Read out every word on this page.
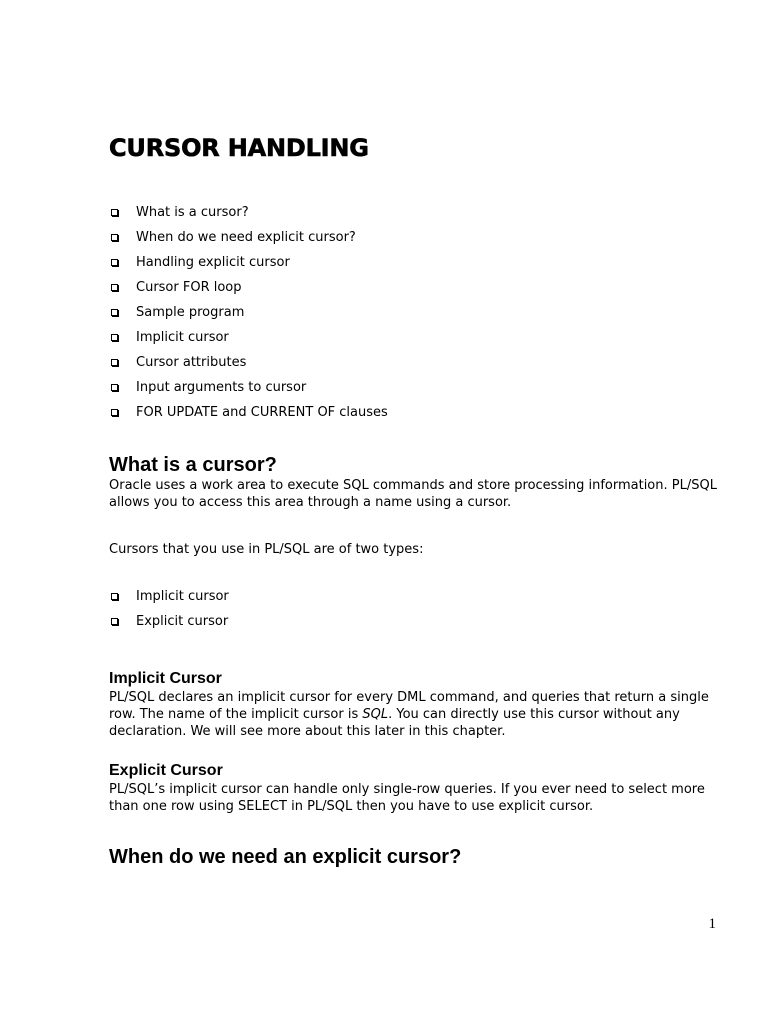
CURSOR HANDLING
What is a cursor?
When do we need explicit cursor?
Handling explicit cursor
Cursor FOR loop
Sample program
Implicit cursor
Cursor attributes
Input arguments to cursor
FOR UPDATE and CURRENT OF clauses
What is a cursor?

Oracle uses a work area to execute SQL commands and store processing information. PL/SQL allows you to access this area through a name using a cursor.

Cursors that you use in PL/SQL are of two types:

Implicit cursor
Explicit cursor
Implicit Cursor

PL/SQL declares an implicit cursor for every DML command, and queries that return a single row. The name of the implicit cursor is SQL. You can directly use this cursor without any declaration. We will see more about this later in this chapter.

Explicit Cursor

PL/SQL’s implicit cursor can handle only single-row queries. If you ever need to select more than one row using SELECT in PL/SQL then you have to use explicit cursor.

When do we need an explicit cursor?
1
